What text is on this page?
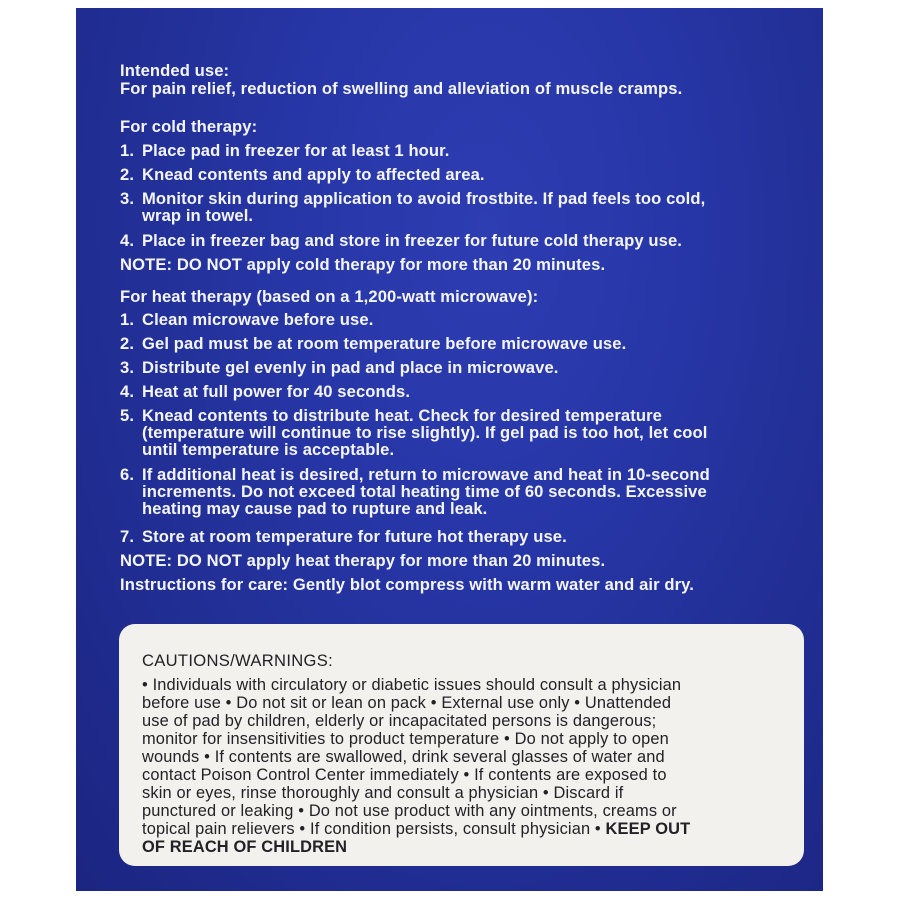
Intended use:
For pain relief, reduction of swelling and alleviation of muscle cramps.
For cold therapy:
1. Place pad in freezer for at least 1 hour.
2. Knead contents and apply to affected area.
3. Monitor skin during application to avoid frostbite. If pad feels too cold,
wrap in towel.
4. Place in freezer bag and store in freezer for future cold therapy use.
NOTE: DO NOT apply cold therapy for more than 20 minutes.
For heat therapy (based on a 1,200-watt microwave):
1. Clean microwave before use.
2. Gel pad must be at room temperature before microwave use.
3. Distribute gel evenly in pad and place in microwave.
4. Heat at full power for 40 seconds.
5. Knead contents to distribute heat. Check for desired temperature
(temperature will continue to rise slightly). If gel pad is too hot, let cool
until temperature is acceptable.
6. If additional heat is desired, return to microwave and heat in 10-second
increments. Do not exceed total heating time of 60 seconds. Excessive
heating may cause pad to rupture and leak.
7. Store at room temperature for future hot therapy use.
NOTE: DO NOT apply heat therapy for more than 20 minutes.
Instructions for care: Gently blot compress with warm water and air dry.
CAUTIONS/WARNINGS:
• Individuals with circulatory or diabetic issues should consult a physician
before use • Do not sit or lean on pack • External use only • Unattended
use of pad by children, elderly or incapacitated persons is dangerous;
monitor for insensitivities to product temperature • Do not apply to open
wounds • If contents are swallowed, drink several glasses of water and
contact Poison Control Center immediately • If contents are exposed to
skin or eyes, rinse thoroughly and consult a physician • Discard if
punctured or leaking • Do not use product with any ointments, creams or
topical pain relievers • If condition persists, consult physician • KEEP OUT
OF REACH OF CHILDREN
